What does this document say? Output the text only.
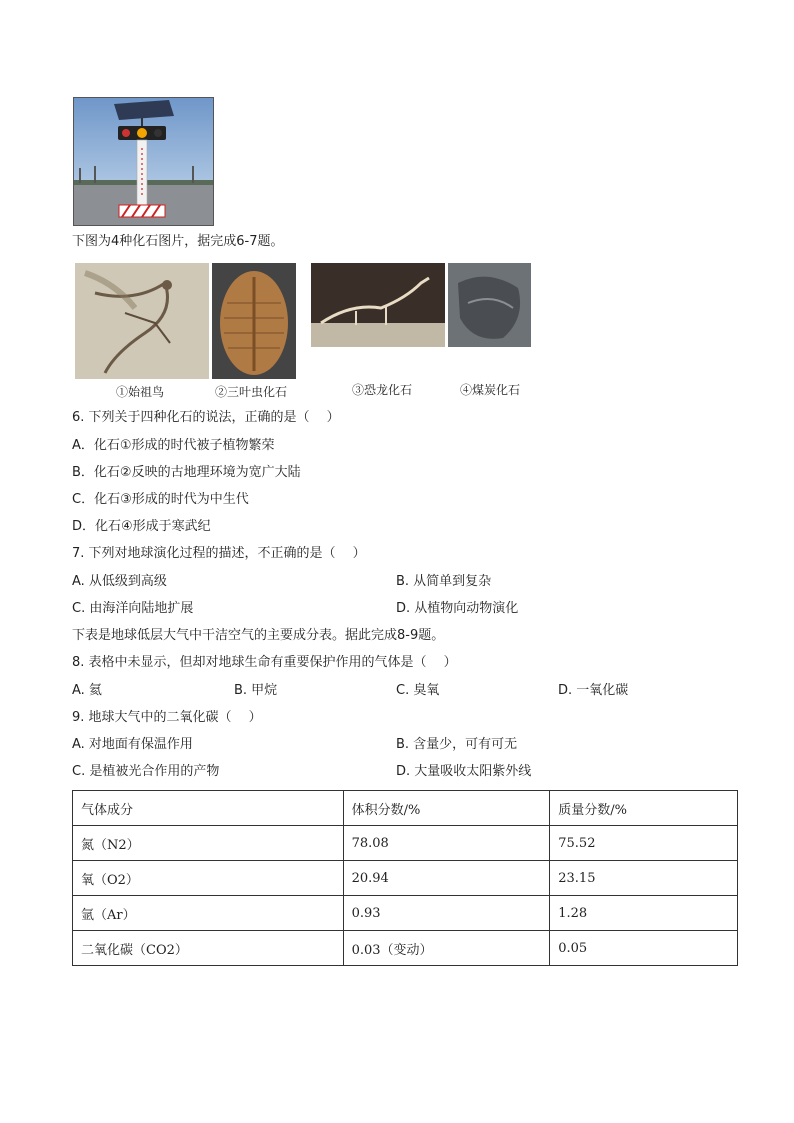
下图为4种化石图片，据完成6-7题。
①始祖鸟	②三叶虫化石	③恐龙化石	④煤炭化石
6. 下列关于四种化石的说法，正确的是（　 ）
A．化石①形成的时代被子植物繁荣
B．化石②反映的古地理环境为宽广大陆
C．化石③形成的时代为中生代
D．化石④形成于寒武纪
7. 下列对地球演化过程的描述，不正确的是（　 ）
A. 从低级到高级	B. 从简单到复杂
C. 由海洋向陆地扩展	D. 从植物向动物演化
下表是地球低层大气中干洁空气的主要成分表。据此完成8-9题。
8. 表格中未显示，但却对地球生命有重要保护作用的气体是（　 ）
A. 氦	B. 甲烷	C. 臭氧	D. 一氧化碳
9. 地球大气中的二氧化碳（　 ）
A. 对地面有保温作用	B. 含量少，可有可无
C. 是植被光合作用的产物	D. 大量吸收太阳紫外线
气体成分	体积分数/%	质量分数/%
氮（N2）	78.08	75.52
氧（O2）	20.94	23.15
氩（Ar）	0.93	1.28
二氧化碳（CO2）	0.03（变动）	0.05
